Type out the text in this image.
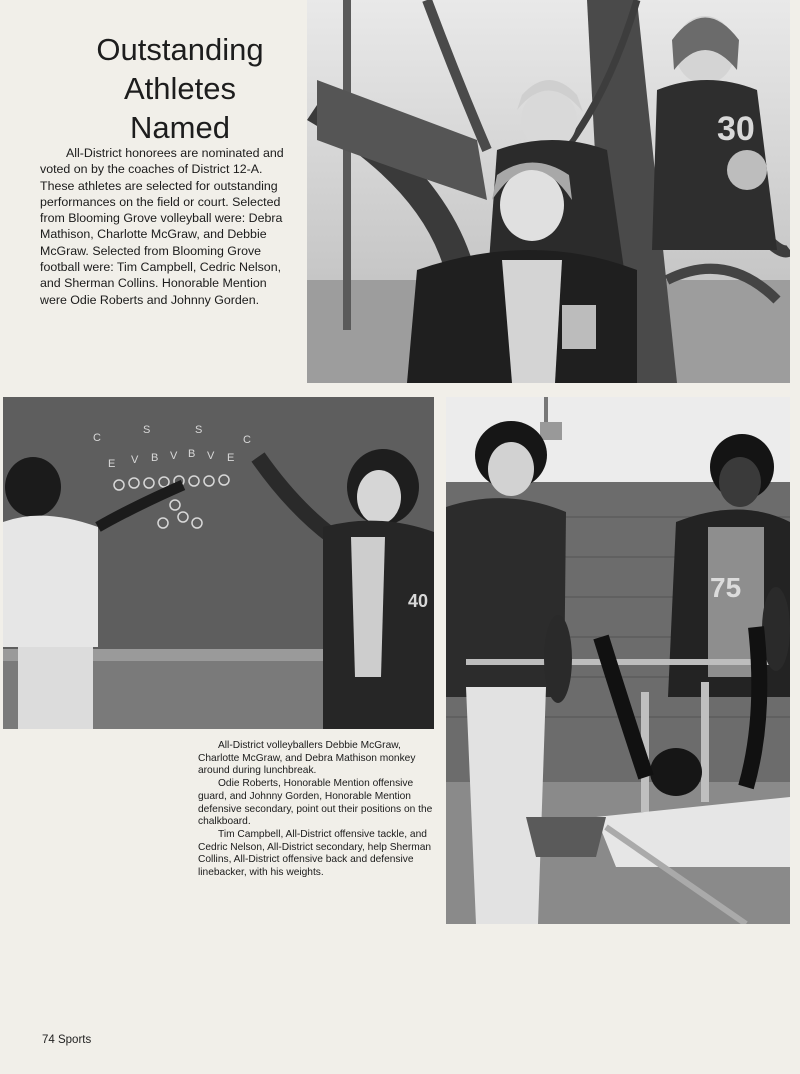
Outstanding
Athletes
Named

All-District honorees are nominated and voted on by the coaches of District 12-A. These athletes are selected for outstanding performances on the field or court. Selected from Blooming Grove volleyball were: Debra Mathison, Charlotte McGraw, and Debbie McGraw. Selected from Blooming Grove football were: Tim Campbell, Cedric Nelson, and Sherman Collins. Honorable Mention were Odie Roberts and Johnny Gorden.

30
C
S	S
C
E V B V B V E
40	75

All-District volleyballers Debbie McGraw, Charlotte McGraw, and Debra Mathison monkey around during lunchbreak.

Odie Roberts, Honorable Mention offensive guard, and Johnny Gorden, Honorable Mention defensive secondary, point out their positions on the chalkboard.

Tim Campbell, All-District offensive tackle, and Cedric Nelson, All-District secondary, help Sherman Collins, All-District offensive back and defensive linebacker, with his weights.

74 Sports
